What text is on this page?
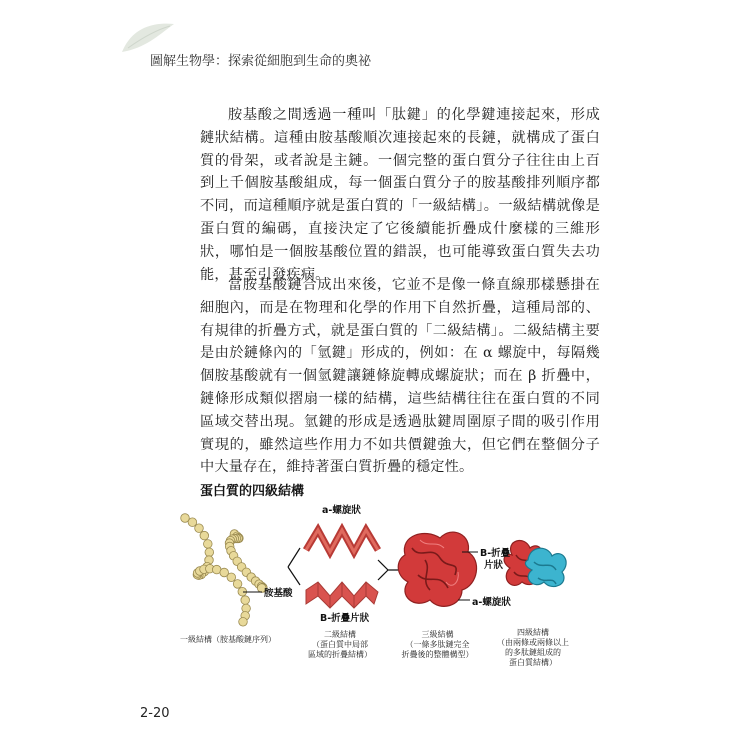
圖解生物學：探索從細胞到生命的奧祕

胺基酸之間透過一種叫「肽鍵」的化學鍵連接起來，形成鏈狀結構。這種由胺基酸順次連接起來的長鏈，就構成了蛋白質的骨架，或者說是主鏈。一個完整的蛋白質分子往往由上百到上千個胺基酸組成，每一個蛋白質分子的胺基酸排列順序都不同，而這種順序就是蛋白質的「一級結構」。一級結構就像是蛋白質的編碼，直接決定了它後續能折疊成什麼樣的三維形狀，哪怕是一個胺基酸位置的錯誤，也可能導致蛋白質失去功能，甚至引發疾病。

當胺基酸鏈合成出來後，它並不是像一條直線那樣懸掛在細胞內，而是在物理和化學的作用下自然折疊，這種局部的、有規律的折疊方式，就是蛋白質的「二級結構」。二級結構主要是由於鏈條內的「氫鍵」形成的，例如：在 α 螺旋中，每隔幾個胺基酸就有一個氫鍵讓鏈條旋轉成螺旋狀；而在 β 折疊中，鏈條形成類似摺扇一樣的結構，這些結構往往在蛋白質的不同區域交替出現。氫鍵的形成是透過肽鍵周圍原子間的吸引作用實現的，雖然這些作用力不如共價鍵強大，但它們在整個分子中大量存在，維持著蛋白質折疊的穩定性。

蛋白質的四級結構
a-螺旋狀
胺基酸
B-折疊片狀
B-折疊
片狀
a-螺旋狀
一級結構（胺基酸鏈序列）
二級結構
（蛋白質中局部
區域的折疊結構）
三級結構
（一條多肽鏈完全
折疊後的整體構型）
四級結構
（由兩條或兩條以上
的多肽鏈組成的
蛋白質結構）
2-20
